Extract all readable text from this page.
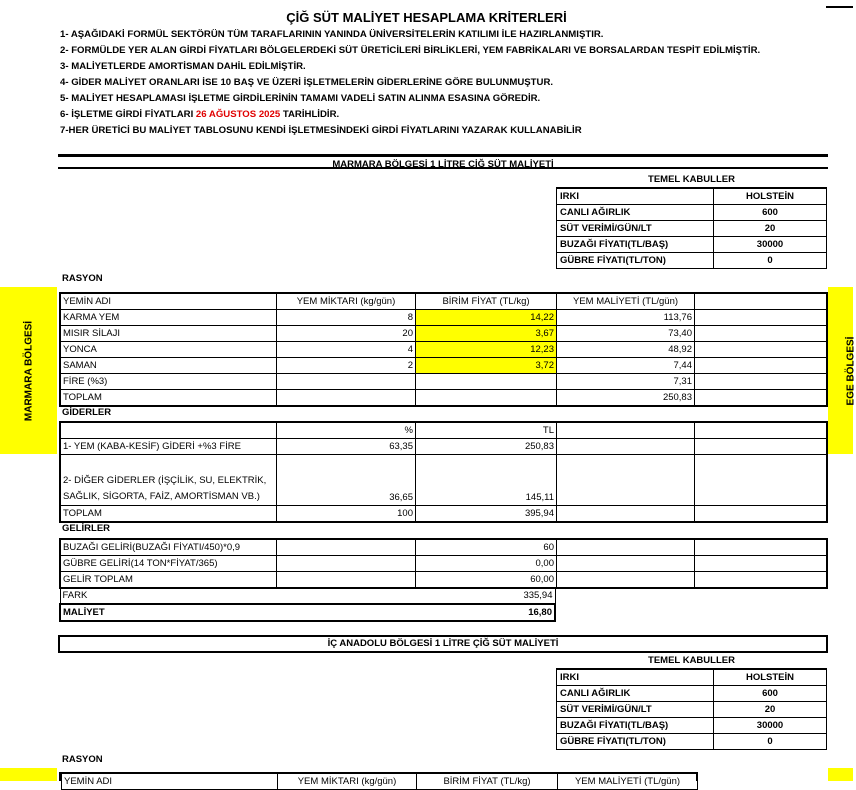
ÇİĞ SÜT MALİYET HESAPLAMA KRİTERLERİ
1- AŞAĞIDAKİ FORMÜL SEKTÖRÜN TÜM TARAFLARININ YANINDA ÜNİVERSİTELERİN KATILIMI İLE HAZIRLANMIŞTIR.
2- FORMÜLDE YER ALAN GİRDİ FİYATLARI BÖLGELERDEKİ SÜT ÜRETİCİLERİ BİRLİKLERİ, YEM FABRİKALARI VE BORSALARDAN TESPİT EDİLMİŞTİR.
3- MALİYETLERDE AMORTİSMAN DAHİL EDİLMİŞTİR.
4- GİDER MALİYET ORANLARI İSE 10 BAŞ VE ÜZERİ İŞLETMELERİN GİDERLERİNE GÖRE BULUNMUŞTUR.
5- MALİYET HESAPLAMASI İŞLETME GİRDİLERİNİN TAMAMI VADELİ SATIN ALINMA ESASINA GÖREDİR.
6- İŞLETME GİRDİ FİYATLARI 26 AĞUSTOS 2025 TARİHLİDİR.
7-HER ÜRETİCİ BU MALİYET TABLOSUNU KENDİ İŞLETMESİNDEKİ GİRDİ FİYATLARINI YAZARAK KULLANABİLİR
MARMARA BÖLGESİ 1 LİTRE ÇİĞ SÜT MALİYETİ
TEMEL KABULLER	
IRKI	HOLSTEİN
CANLI AĞIRLIK	600
SÜT VERİMİ/GÜN/LT	20
BUZAĞI FİYATI(TL/BAŞ)	30000
GÜBRE FİYATI(TL/TON)	0
RASYON
MARMARA BÖLGESİ	EGE BÖLGESİ
YEMİN ADI	YEM MİKTARI (kg/gün)	BİRİM FİYAT (TL/kg)	YEM MALİYETİ (TL/gün)	
KARMA YEM	8	14,22	113,76	
MISIR SİLAJI	20	3,67	73,40	
YONCA	4	12,23	48,92	
SAMAN	2	3,72	7,44	
FİRE (%3)			7,31	
TOPLAM			250,83	
GİDERLER
	%	TL		
1- YEM (KABA-KESİF) GİDERİ +%3 FİRE	63,35	250,83		

2- DİĞER GİDERLER (İŞÇİLİK, SU, ELEKTRİK,
SAĞLIK, SİGORTA, FAİZ, AMORTİSMAN VB.)	36,65	145,11		
TOPLAM	100	395,94		
GELİRLER
BUZAĞI GELİRİ(BUZAĞI FİYATI/450)*0,9		60		
GÜBRE GELİRİ(14 TON*FİYAT/365)		0,00		
GELİR TOPLAM		60,00		
FARK	335,94
MALİYET	16,80
İÇ ANADOLU BÖLGESİ 1 LİTRE ÇİĞ SÜT MALİYETİ
TEMEL KABULLER	
IRKI	HOLSTEİN
CANLI AĞIRLIK	600
SÜT VERİMİ/GÜN/LT	20
BUZAĞI FİYATI(TL/BAŞ)	30000
GÜBRE FİYATI(TL/TON)	0
RASYON
YEMİN ADI	YEM MİKTARI (kg/gün)	BİRİM FİYAT (TL/kg)	YEM MALİYETİ (TL/gün)
